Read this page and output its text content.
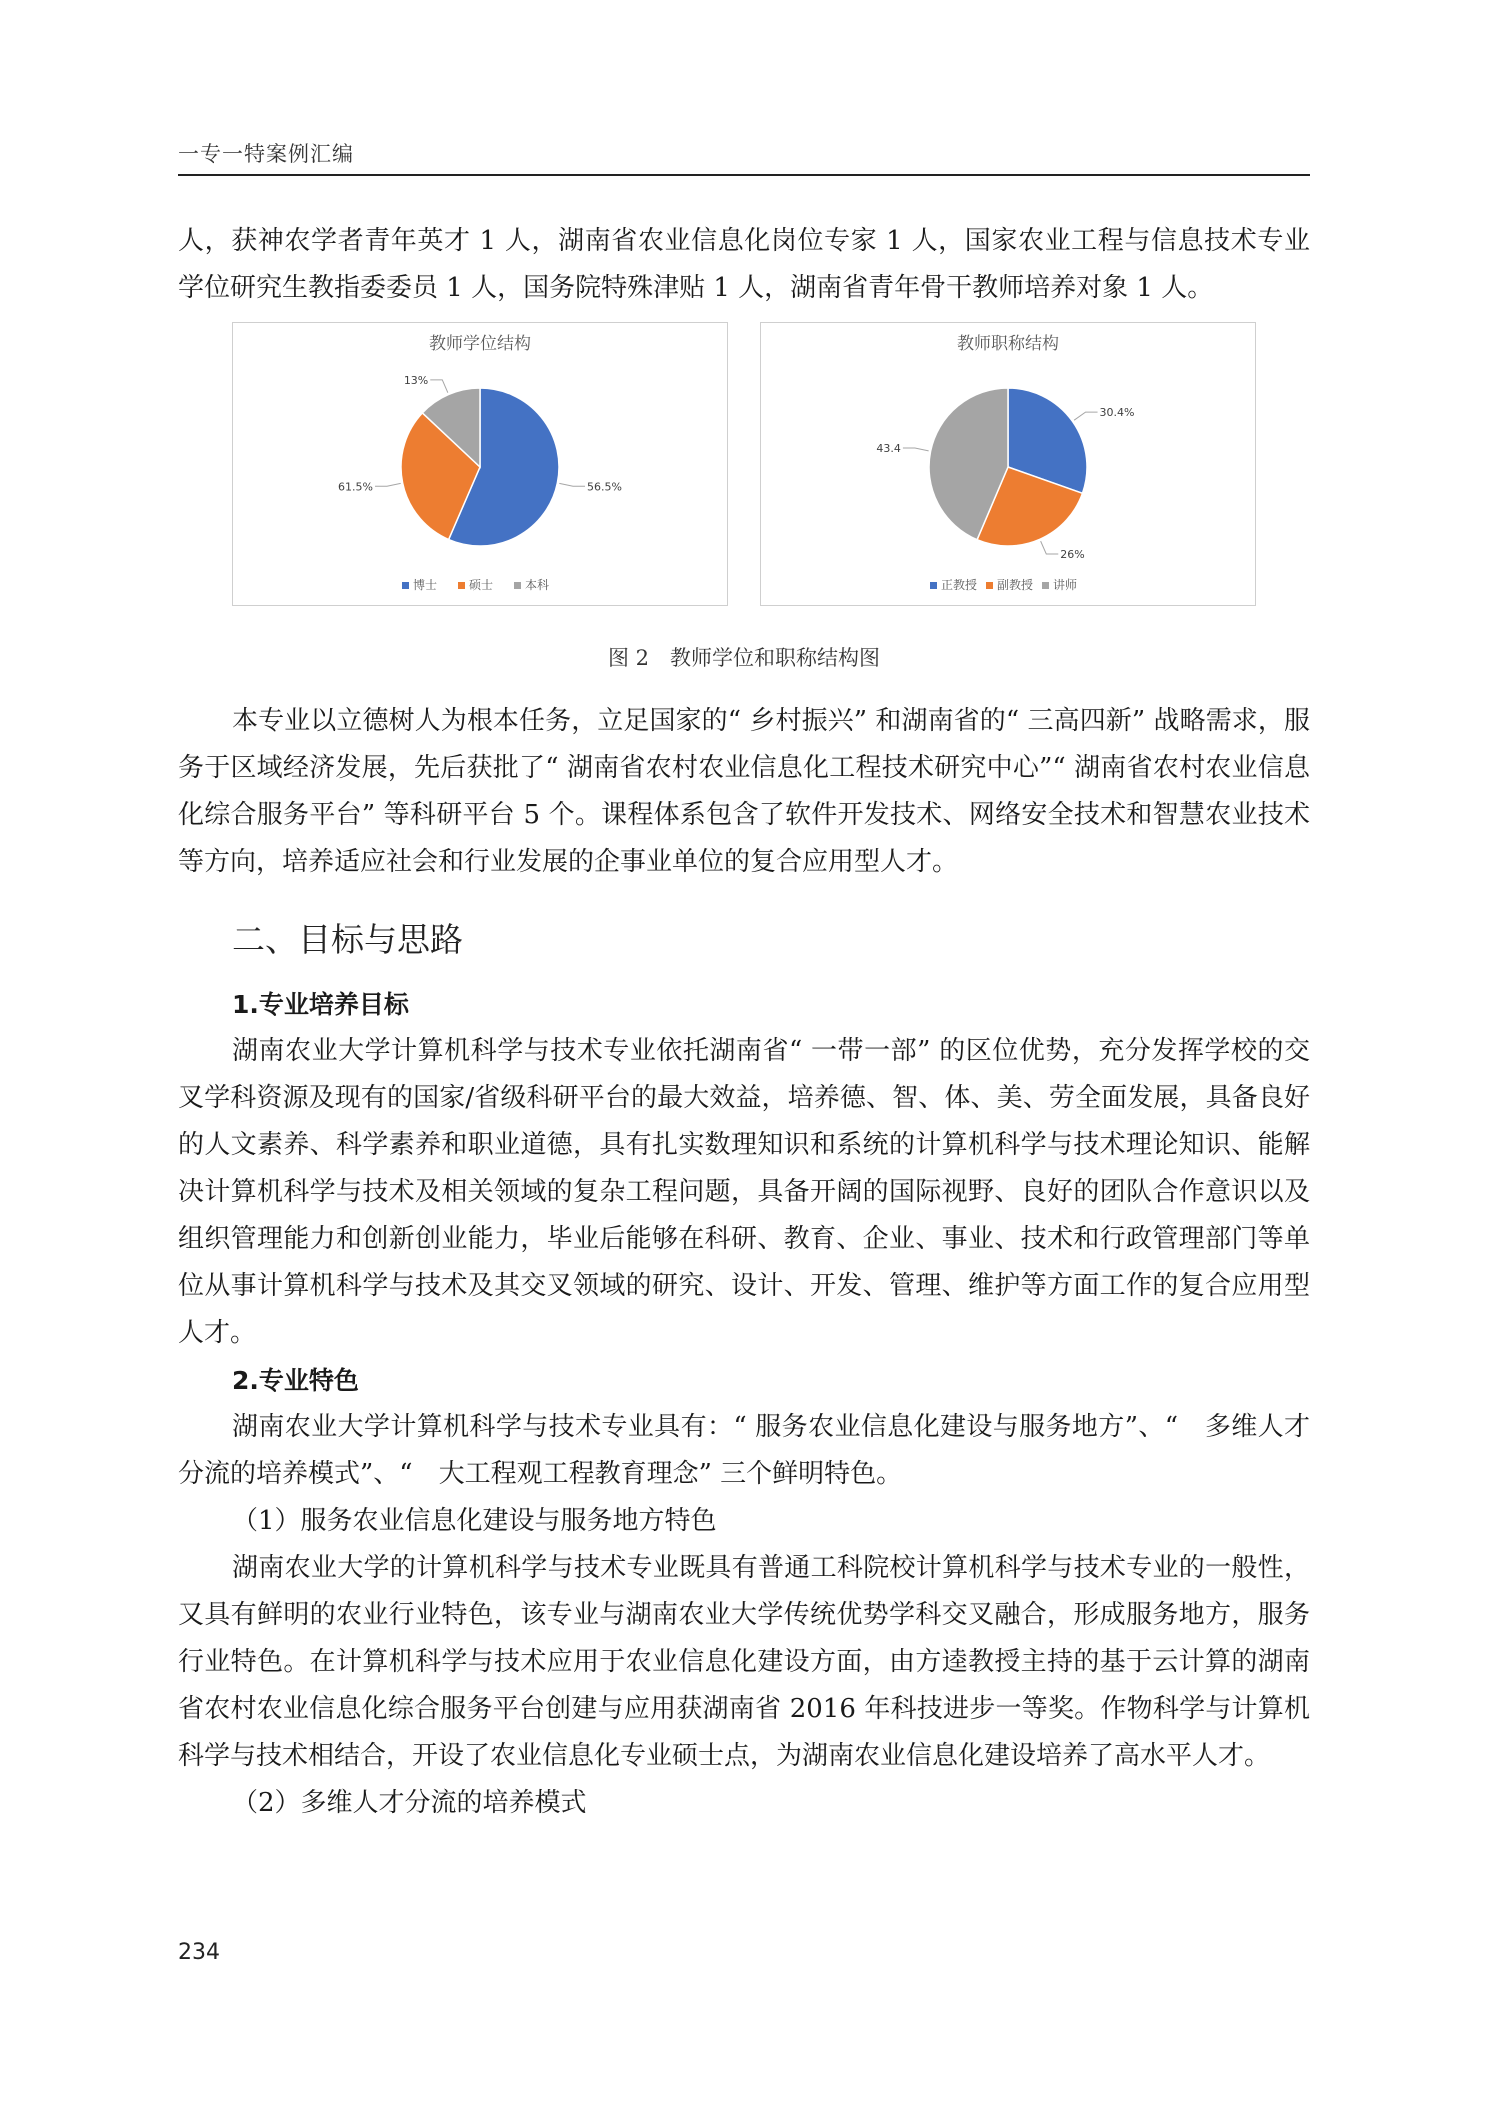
一专一特案例汇编

人，获神农学者青年英才 1 人，湖南省农业信息化岗位专家 1 人，国家农业工程与信息技术专业学位研究生教指委委员 1 人，国务院特殊津贴 1 人，湖南省青年骨干教师培养对象 1 人。

教师学位结构
56.5%
61.5%
13%
博士	硕士	本科
教师职称结构
30.4%
26%
43.4
正教授 副教授 讲师
图 2　教师学位和职称结构图

本专业以立德树人为根本任务，立足国家的“ 乡村振兴” 和湖南省的“ 三高四新” 战略需求，服务于区域经济发展，先后获批了“ 湖南省农村农业信息化工程技术研究中心”“ 湖南省农村农业信息化综合服务平台” 等科研平台 5 个。课程体系包含了软件开发技术、网络安全技术和智慧农业技术等方向，培养适应社会和行业发展的企事业单位的复合应用型人才。

二、目标与思路

1.专业培养目标

湖南农业大学计算机科学与技术专业依托湖南省“ 一带一部” 的区位优势，充分发挥学校的交叉学科资源及现有的国家/省级科研平台的最大效益，培养德、智、体、美、劳全面发展，具备良好的人文素养、科学素养和职业道德，具有扎实数理知识和系统的计算机科学与技术理论知识、能解决计算机科学与技术及相关领域的复杂工程问题，具备开阔的国际视野、良好的团队合作意识以及组织管理能力和创新创业能力，毕业后能够在科研、教育、企业、事业、技术和行政管理部门等单位从事计算机科学与技术及其交叉领域的研究、设计、开发、管理、维护等方面工作的复合应用型人才。

2.专业特色

湖南农业大学计算机科学与技术专业具有：“ 服务农业信息化建设与服务地方”、“　多维人才分流的培养模式”、“　大工程观工程教育理念” 三个鲜明特色。

（1）服务农业信息化建设与服务地方特色

湖南农业大学的计算机科学与技术专业既具有普通工科院校计算机科学与技术专业的一般性，又具有鲜明的农业行业特色，该专业与湖南农业大学传统优势学科交叉融合，形成服务地方，服务行业特色。在计算机科学与技术应用于农业信息化建设方面，由方逵教授主持的基于云计算的湖南省农村农业信息化综合服务平台创建与应用获湖南省 2016 年科技进步一等奖。作物科学与计算机科学与技术相结合，开设了农业信息化专业硕士点，为湖南农业信息化建设培养了高水平人才。

（2）多维人才分流的培养模式

234
